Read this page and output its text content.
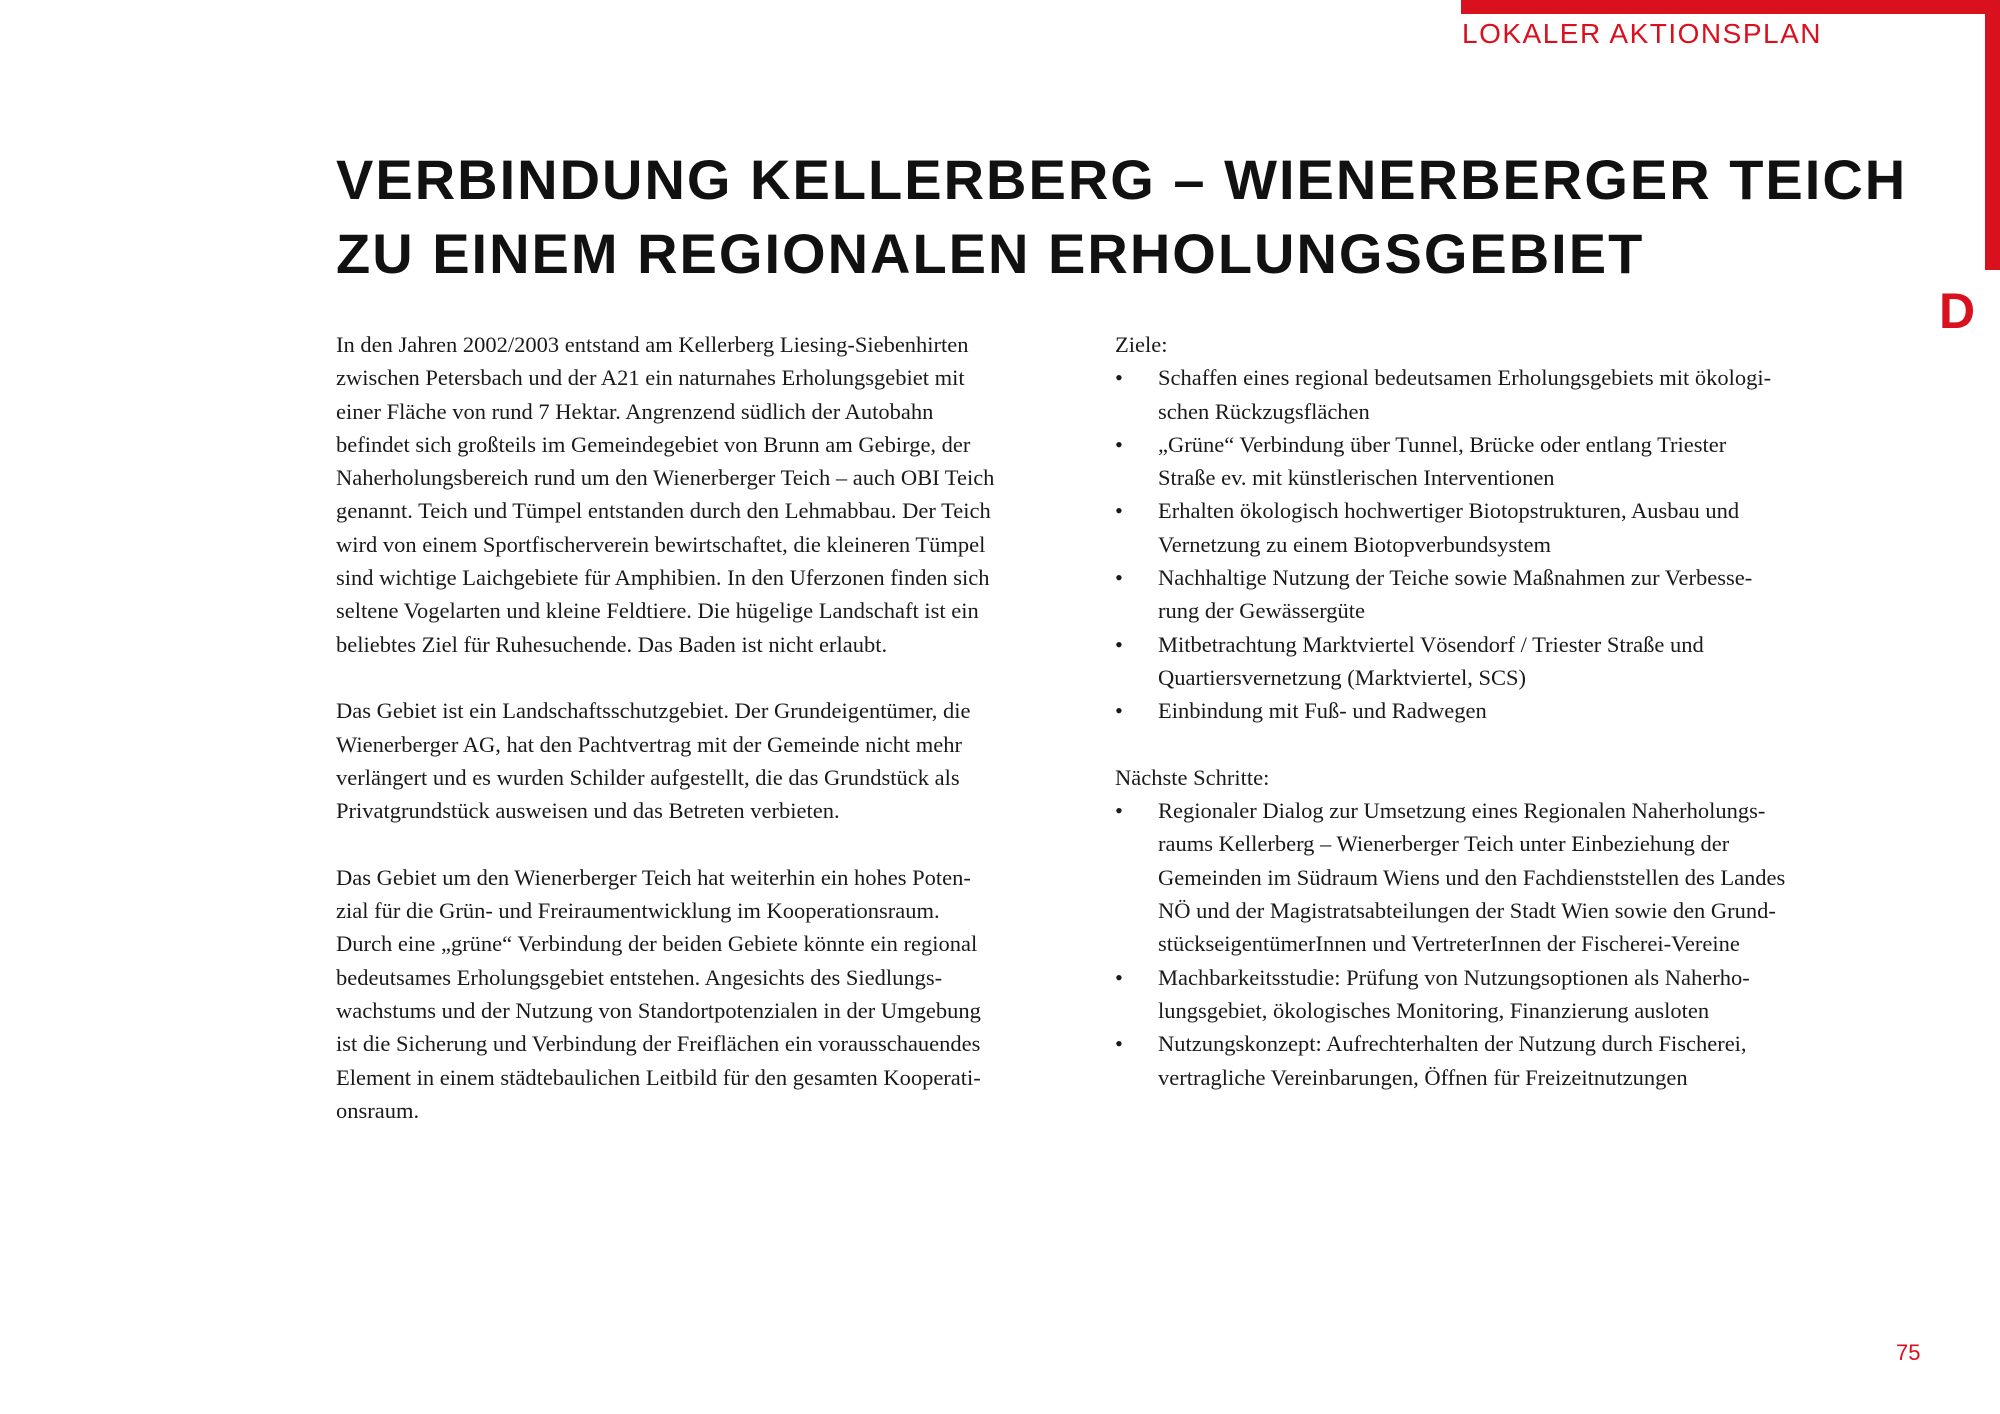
LOKALER AKTIONSPLAN
D
VERBINDUNG KELLERBERG – WIENERBERGER TEICH
ZU EINEM REGIONALEN ERHOLUNGSGEBIET

In den Jahren 2002/2003 entstand am Kellerberg Liesing-Siebenhirten
zwischen Petersbach und der A21 ein naturnahes Erholungsgebiet mit
einer Fläche von rund 7 Hektar. Angrenzend südlich der Autobahn
befindet sich großteils im Gemeindegebiet von Brunn am Gebirge, der
Naherholungsbereich rund um den Wienerberger Teich – auch OBI Teich
genannt. Teich und Tümpel entstanden durch den Lehmabbau. Der Teich
wird von einem Sportfischerverein bewirtschaftet, die kleineren Tümpel
sind wichtige Laichgebiete für Amphibien. In den Uferzonen finden sich
seltene Vogelarten und kleine Feldtiere. Die hügelige Landschaft ist ein
beliebtes Ziel für Ruhesuchende. Das Baden ist nicht erlaubt.

Das Gebiet ist ein Landschaftsschutzgebiet. Der Grundeigentümer, die
Wienerberger AG, hat den Pachtvertrag mit der Gemeinde nicht mehr
verlängert und es wurden Schilder aufgestellt, die das Grundstück als
Privatgrundstück ausweisen und das Betreten verbieten.

Das Gebiet um den Wienerberger Teich hat weiterhin ein hohes Poten-
zial für die Grün- und Freiraumentwicklung im Kooperationsraum.
Durch eine „grüne“ Verbindung der beiden Gebiete könnte ein regional
bedeutsames Erholungsgebiet entstehen. Angesichts des Siedlungs-
wachstums und der Nutzung von Standortpotenzialen in der Umgebung
ist die Sicherung und Verbindung der Freiflächen ein vorausschauendes
Element in einem städtebaulichen Leitbild für den gesamten Kooperati-
onsraum.

Ziele:
• Schaffen eines regional bedeutsamen Erholungsgebiets mit ökologi-
schen Rückzugsflächen
• „Grüne“ Verbindung über Tunnel, Brücke oder entlang Triester
Straße ev. mit künstlerischen Interventionen
• Erhalten ökologisch hochwertiger Biotopstrukturen, Ausbau und
Vernetzung zu einem Biotopverbundsystem
• Nachhaltige Nutzung der Teiche sowie Maßnahmen zur Verbesse-
rung der Gewässergüte
• Mitbetrachtung Marktviertel Vösendorf / Triester Straße und
Quartiersvernetzung (Marktviertel, SCS)
• Einbindung mit Fuß- und Radwegen
Nächste Schritte:
• Regionaler Dialog zur Umsetzung eines Regionalen Naherholungs-
raums Kellerberg – Wienerberger Teich unter Einbeziehung der
Gemeinden im Südraum Wiens und den Fachdienststellen des Landes
NÖ und der Magistratsabteilungen der Stadt Wien sowie den Grund-
stückseigentümerInnen und VertreterInnen der Fischerei-Vereine
• Machbarkeitsstudie: Prüfung von Nutzungsoptionen als Naherho-
lungsgebiet, ökologisches Monitoring, Finanzierung ausloten
• Nutzungskonzept: Aufrechterhalten der Nutzung durch Fischerei,
vertragliche Vereinbarungen, Öffnen für Freizeitnutzungen
75
